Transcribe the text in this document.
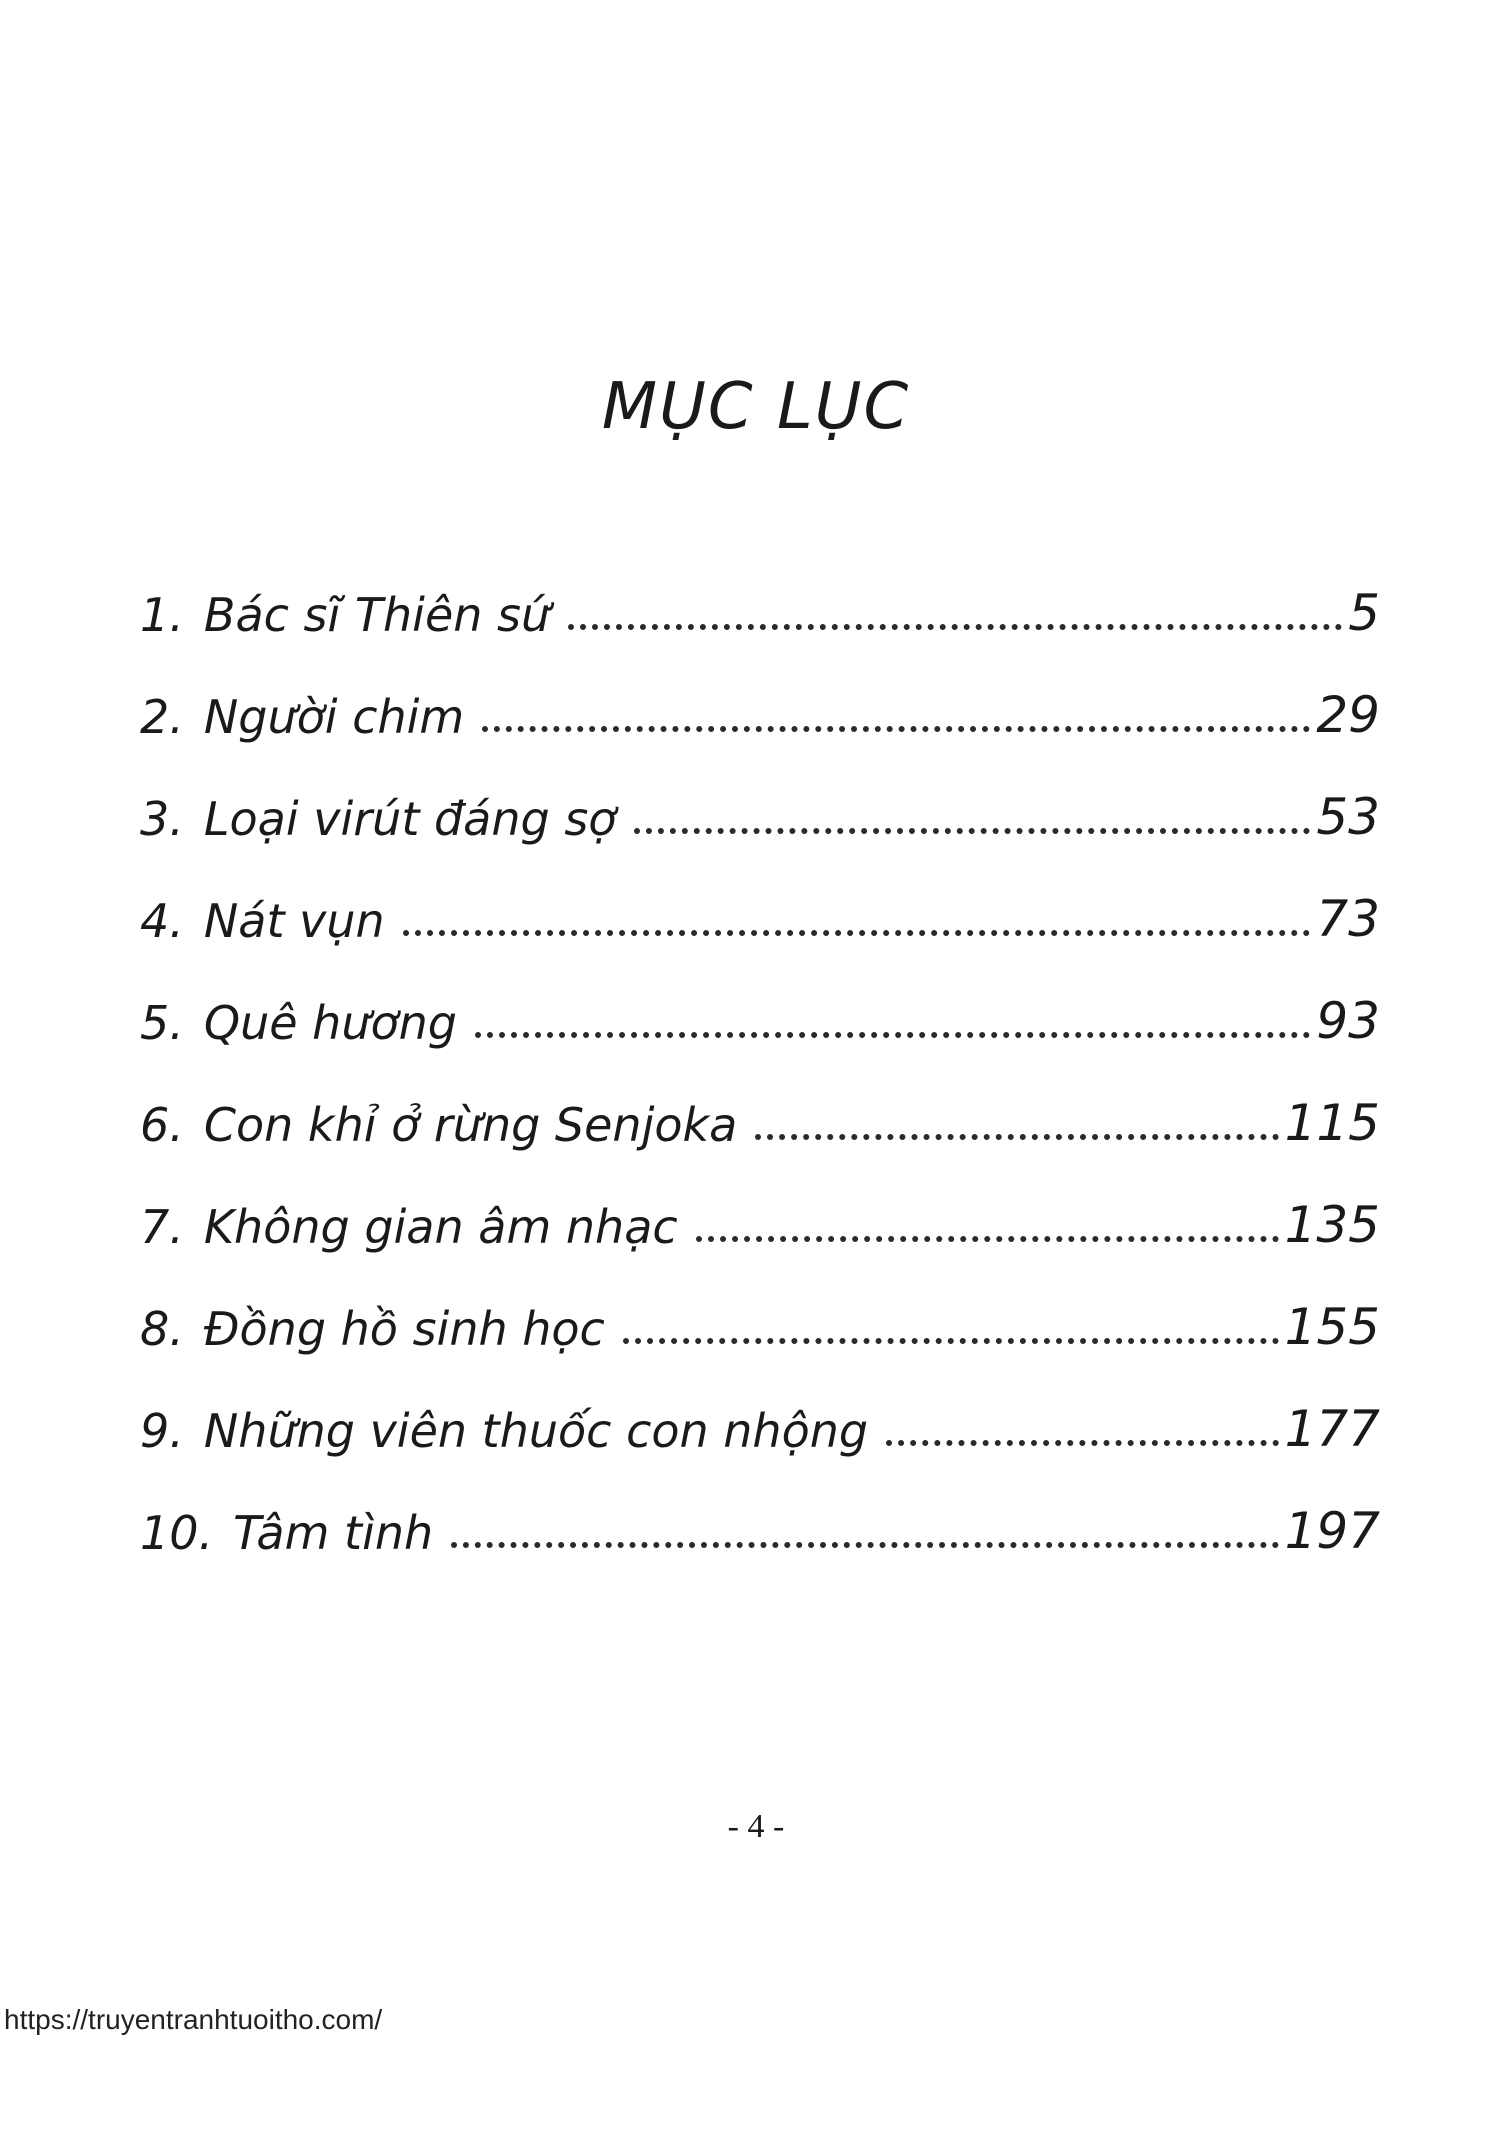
MỤC LỤC
1. Bác sĩ Thiên sứ	5
2. Người chim	29
3. Loại virút đáng sợ	53
4. Nát vụn	73
5. Quê hương	93
6. Con khỉ ở rừng Senjoka	115
7. Không gian âm nhạc	135
8. Đồng hồ sinh học	155
9. Những viên thuốc con nhộng	177
10. Tâm tình	197
- 4 -
https://truyentranhtuoitho.com/
